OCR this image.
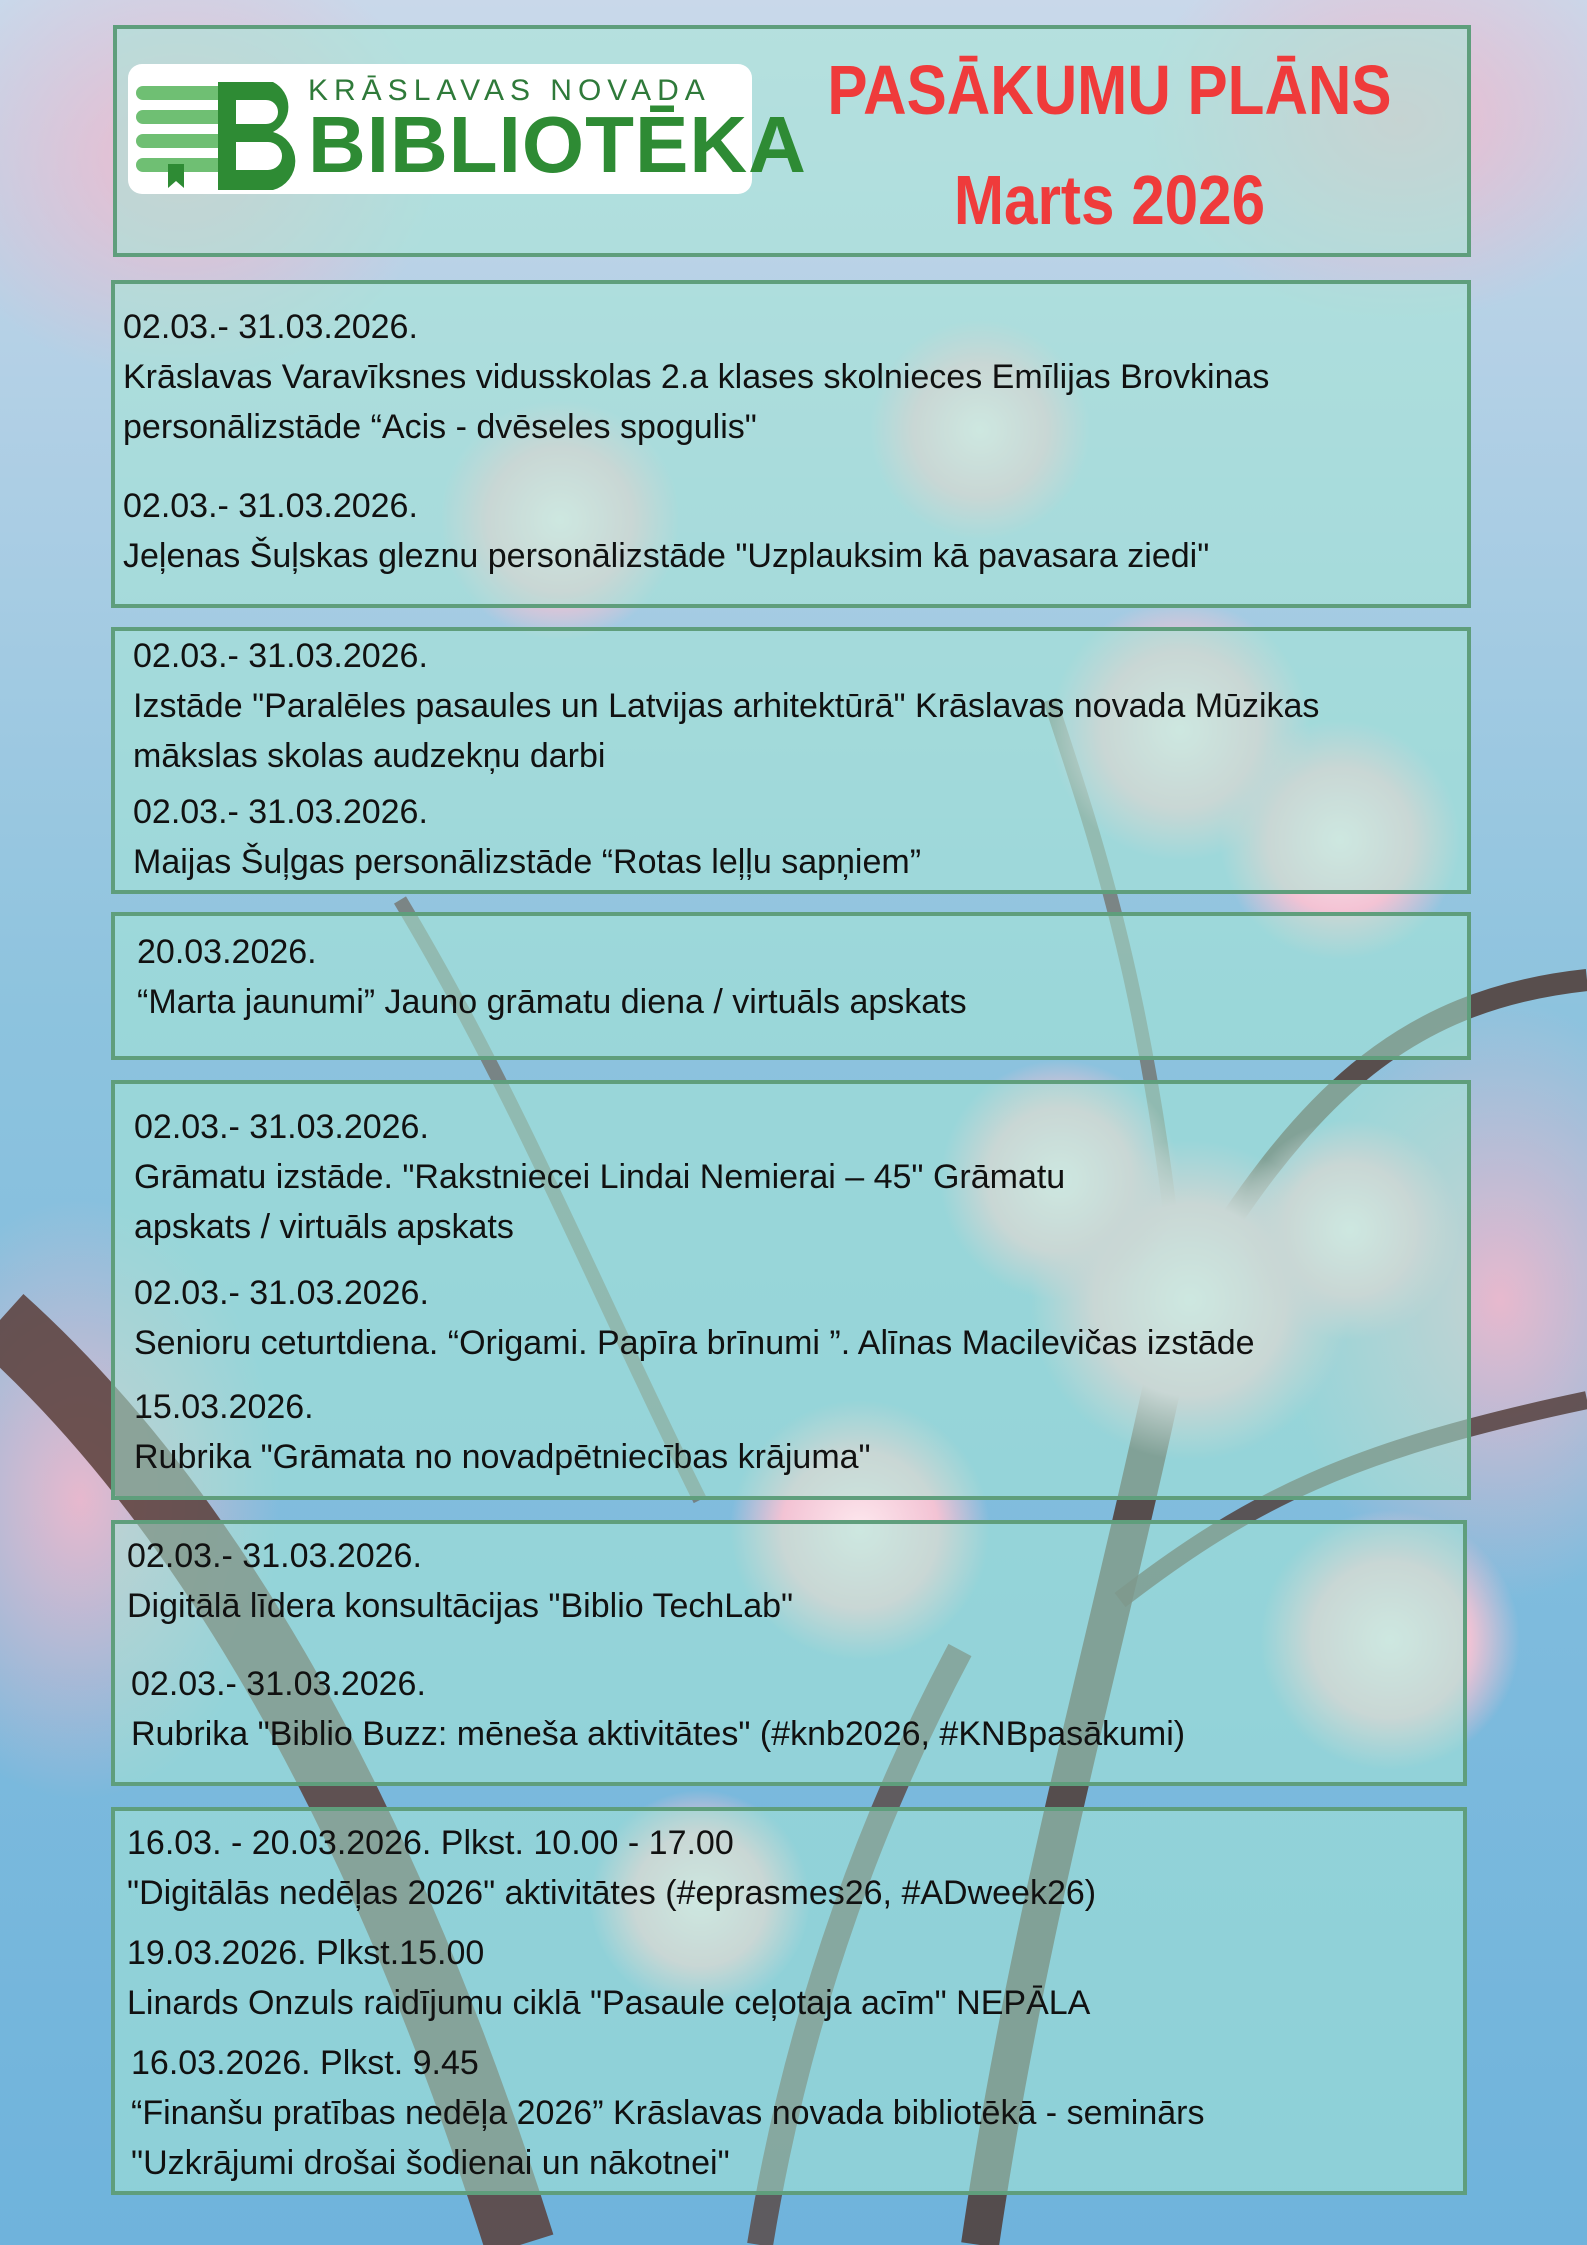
KRĀSLAVAS NOVADA
BIBLIOTĒKA
PASĀKUMU PLĀNS
Marts 2026
02.03.- 31.03.2026.
Krāslavas Varavīksnes vidusskolas 2.a klases skolnieces Emīlijas Brovkinas
personālizstāde “Acis - dvēseles spogulis"
02.03.- 31.03.2026.
Jeļenas Šuļskas gleznu personālizstāde "Uzplauksim kā pavasara ziedi"
02.03.- 31.03.2026.
Izstāde "Paralēles pasaules un Latvijas arhitektūrā" Krāslavas novada Mūzikas
mākslas skolas audzekņu darbi
02.03.- 31.03.2026.
Maijas Šuļgas personālizstāde “Rotas leļļu sapņiem”
20.03.2026.
“Marta jaunumi” Jauno grāmatu diena / virtuāls apskats
02.03.- 31.03.2026.
Grāmatu izstāde. "Rakstniecei Lindai Nemierai – 45" Grāmatu
apskats / virtuāls apskats
02.03.- 31.03.2026.
Senioru ceturtdiena. “Origami. Papīra brīnumi ”. Alīnas Macilevičas izstāde
15.03.2026.
Rubrika "Grāmata no novadpētniecības krājuma"
02.03.- 31.03.2026.
Digitālā līdera konsultācijas "Biblio TechLab"
02.03.- 31.03.2026.
Rubrika "Biblio Buzz: mēneša aktivitātes" (#knb2026, #KNBpasākumi)
16.03. - 20.03.2026. Plkst. 10.00 - 17.00
"Digitālās nedēļas 2026" aktivitātes (#eprasmes26, #ADweek26)
19.03.2026. Plkst.15.00
Linards Onzuls raidījumu ciklā "Pasaule ceļotaja acīm" NEPĀLA
16.03.2026. Plkst. 9.45
“Finanšu pratības nedēļa 2026” Krāslavas novada bibliotēkā - seminārs
"Uzkrājumi drošai šodienai un nākotnei"
